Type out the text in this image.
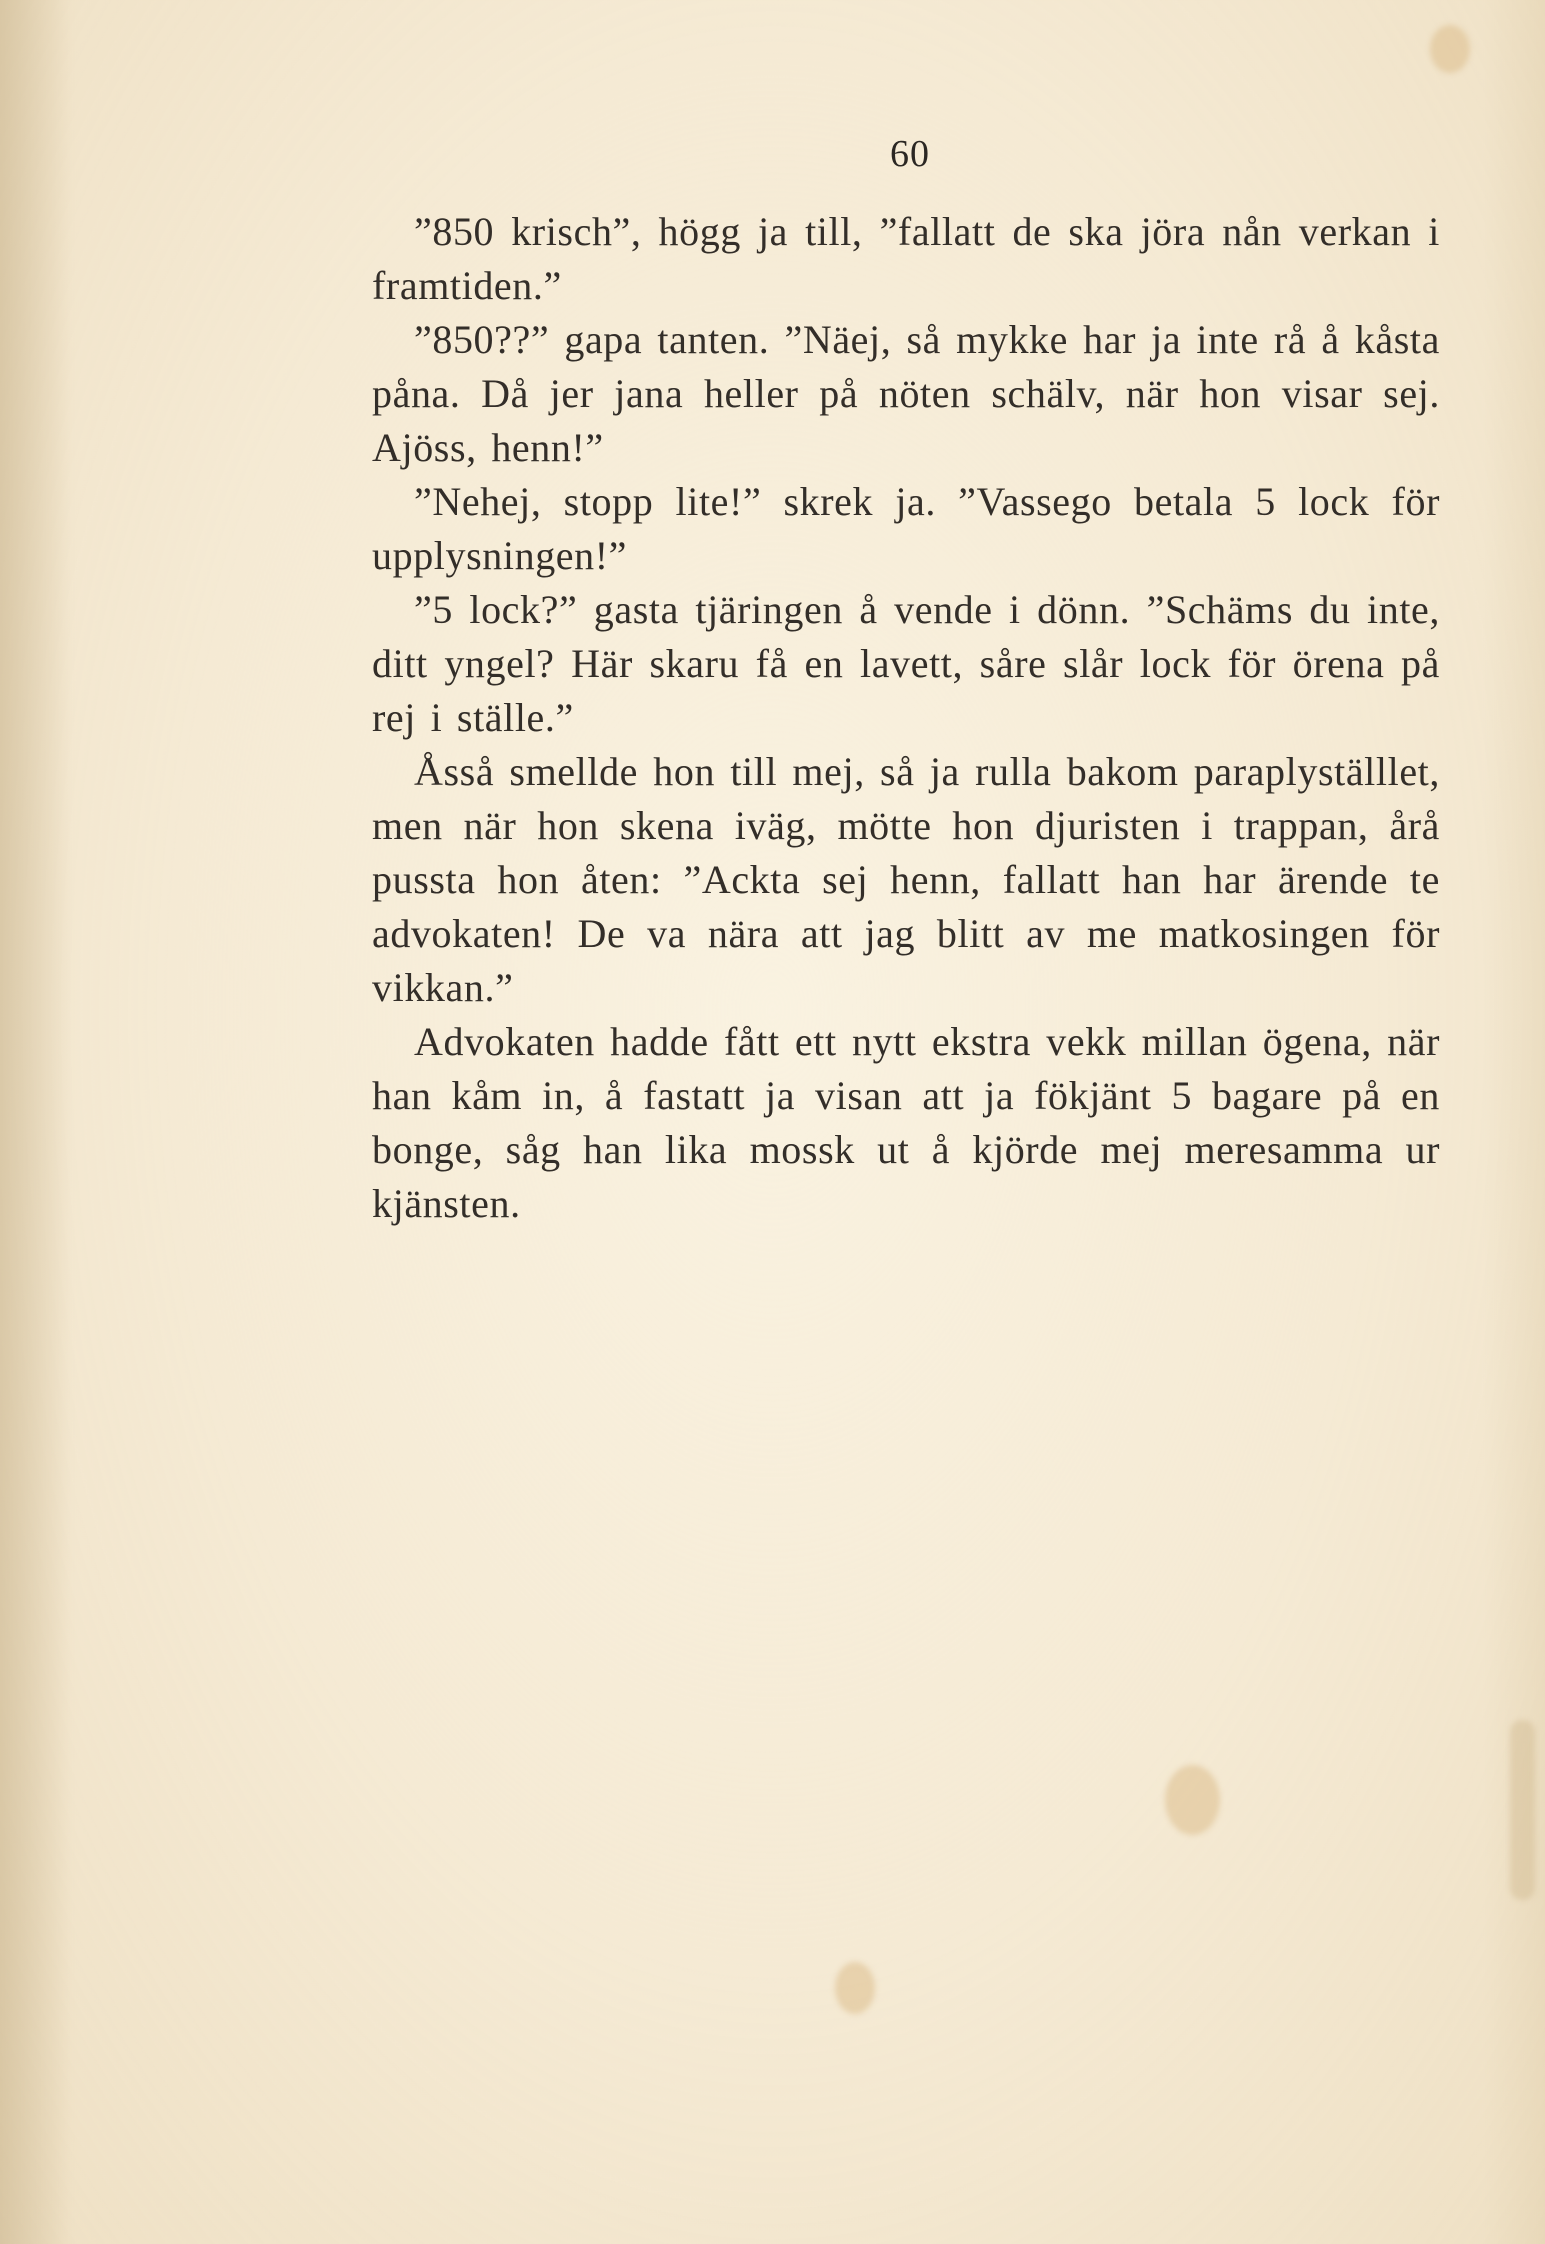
60

”850 krisch”, högg ja till, ”fallatt de ska jöra nån verkan i framtiden.”

”850??” gapa tanten. ”Näej, så mykke har ja inte rå å kåsta påna. Då jer jana heller på nöten schälv, när hon visar sej. Ajöss, henn!”

”Nehej, stopp lite!” skrek ja. ”Vassego betala 5 lock för upplysningen!”

”5 lock?” gasta tjäringen å vende i dönn. ”Schäms du inte, ditt yngel? Här skaru få en lavett, såre slår lock för örena på rej i ställe.”

Åsså smellde hon till mej, så ja rulla bakom paraplyställlet, men när hon skena iväg, mötte hon djuristen i trappan, årå pussta hon åten: ”Ackta sej henn, fallatt han har ärende te advokaten! De va nära att jag blitt av me matkosingen för vikkan.”

Advokaten hadde fått ett nytt ekstra vekk millan ögena, när han kåm in, å fastatt ja visan att ja fökjänt 5 bagare på en bonge, såg han lika mossk ut å kjörde mej meresamma ur kjänsten.
